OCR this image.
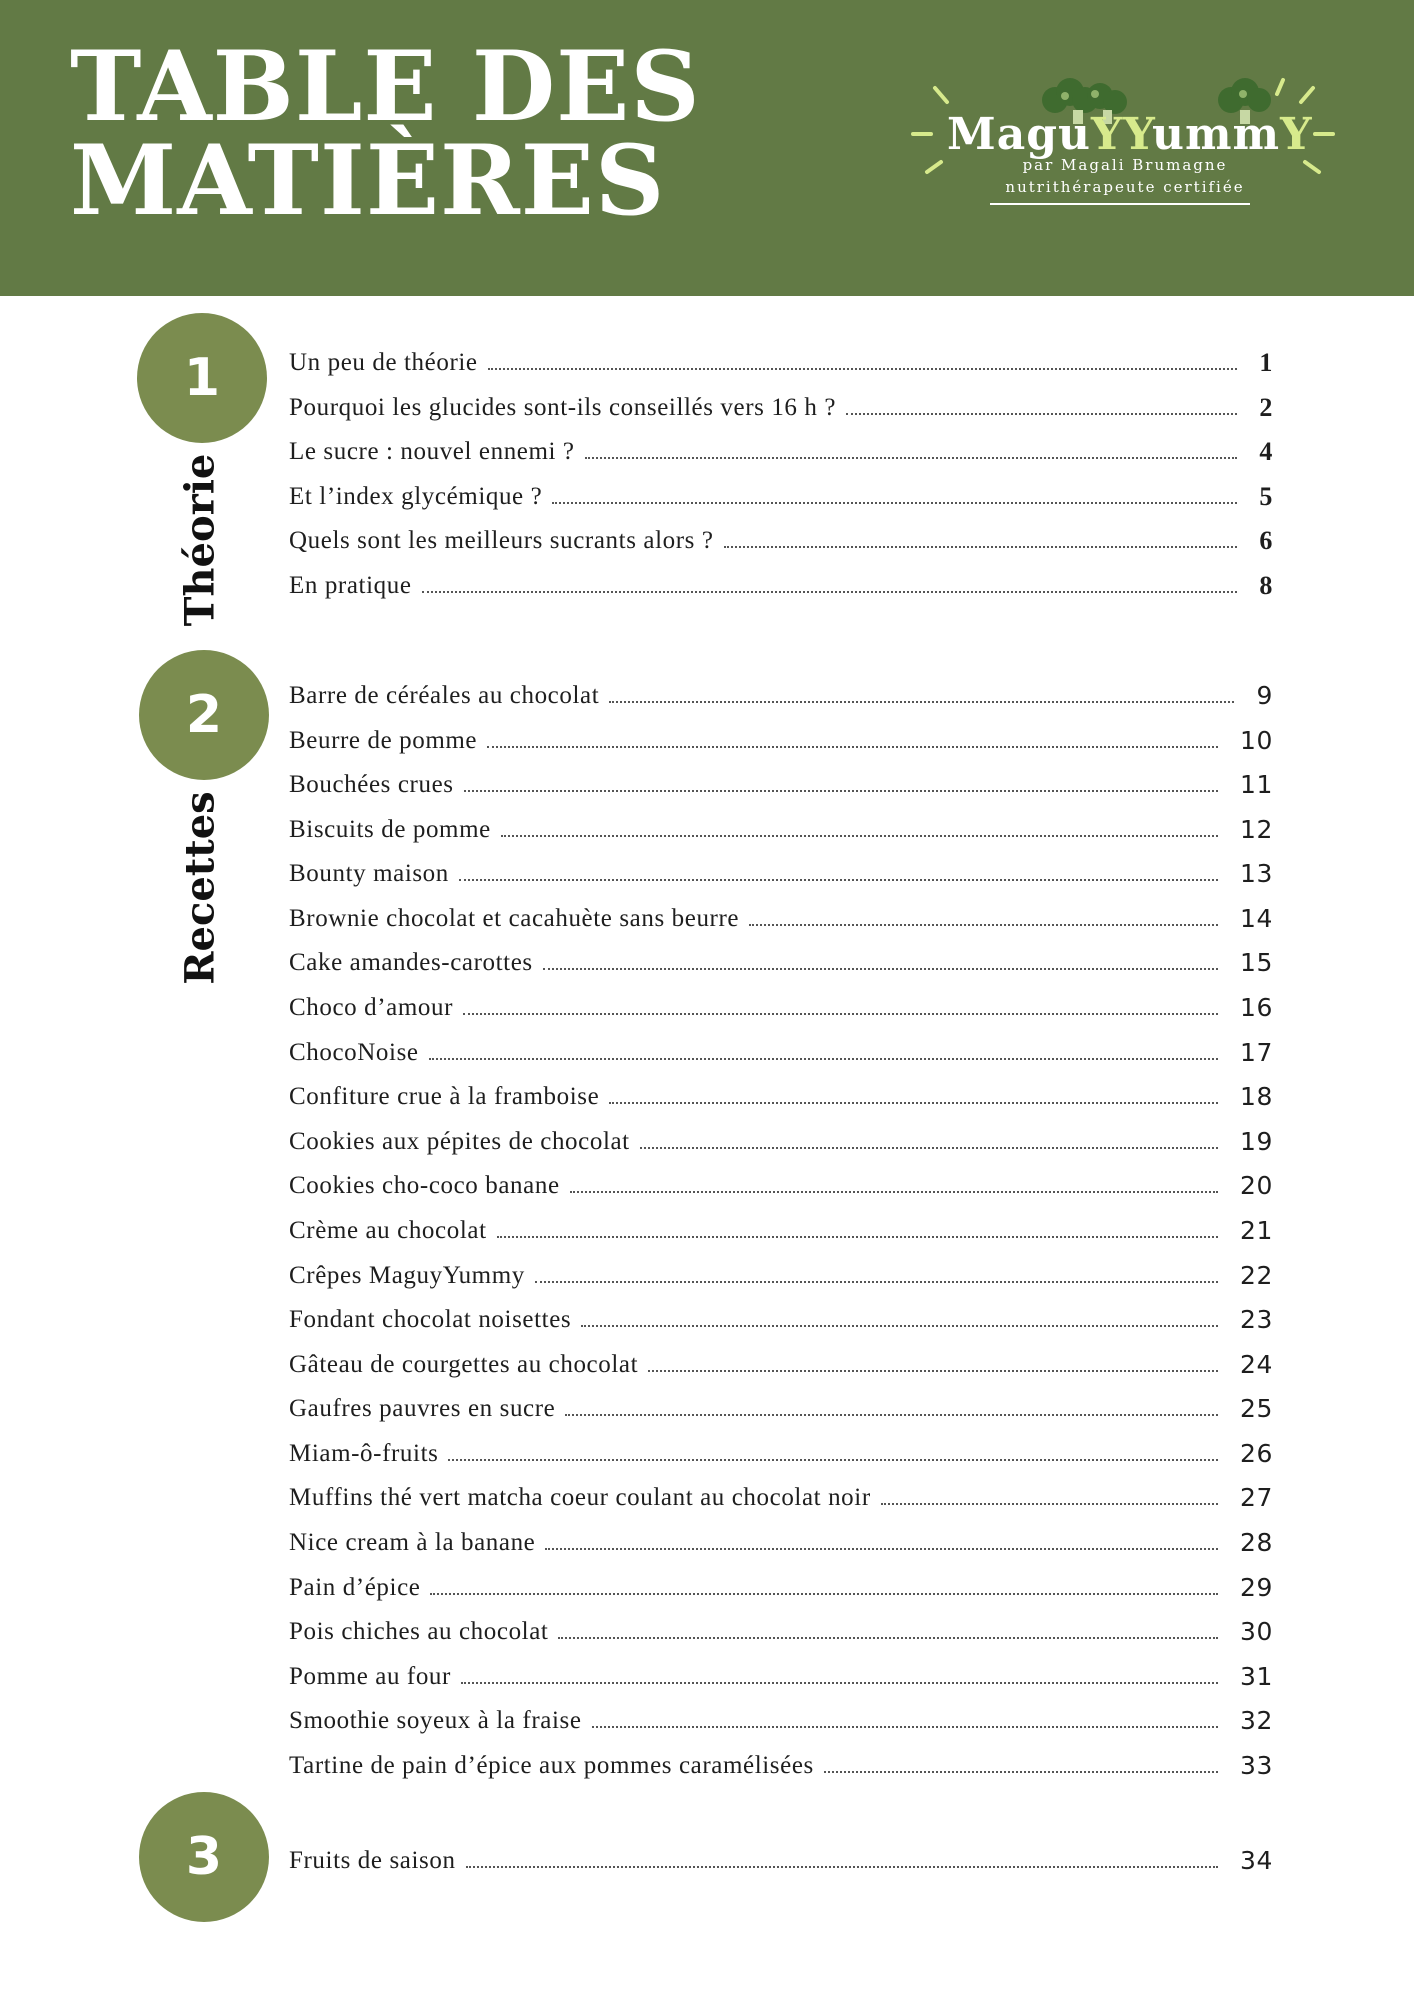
TABLE DES
MATIÈRES	MaguYYummY
par Magali Brumagne
nutrithérapeute certifiée
1
2
3
Théorie
Recettes
Un peu de théorie	1
Pourquoi les glucides sont-ils conseillés vers 16 h ?	2
Le sucre : nouvel ennemi ?	4
Et l’index glycémique ?	5
Quels sont les meilleurs sucrants alors ?	6
En pratique	8
Barre de céréales au chocolat	9
Beurre de pomme	10
Bouchées crues	11
Biscuits de pomme	12
Bounty maison	13
Brownie chocolat et cacahuète sans beurre	14
Cake amandes-carottes	15
Choco d’amour	16
ChocoNoise	17
Confiture crue à la framboise	18
Cookies aux pépites de chocolat	19
Cookies cho-coco banane	20
Crème au chocolat	21
Crêpes MaguyYummy	22
Fondant chocolat noisettes	23
Gâteau de courgettes au chocolat	24
Gaufres pauvres en sucre	25
Miam-ô-fruits	26
Muffins thé vert matcha coeur coulant au chocolat noir	27
Nice cream à la banane	28
Pain d’épice	29
Pois chiches au chocolat	30
Pomme au four	31
Smoothie soyeux à la fraise	32
Tartine de pain d’épice aux pommes caramélisées	33
Fruits de saison	34
